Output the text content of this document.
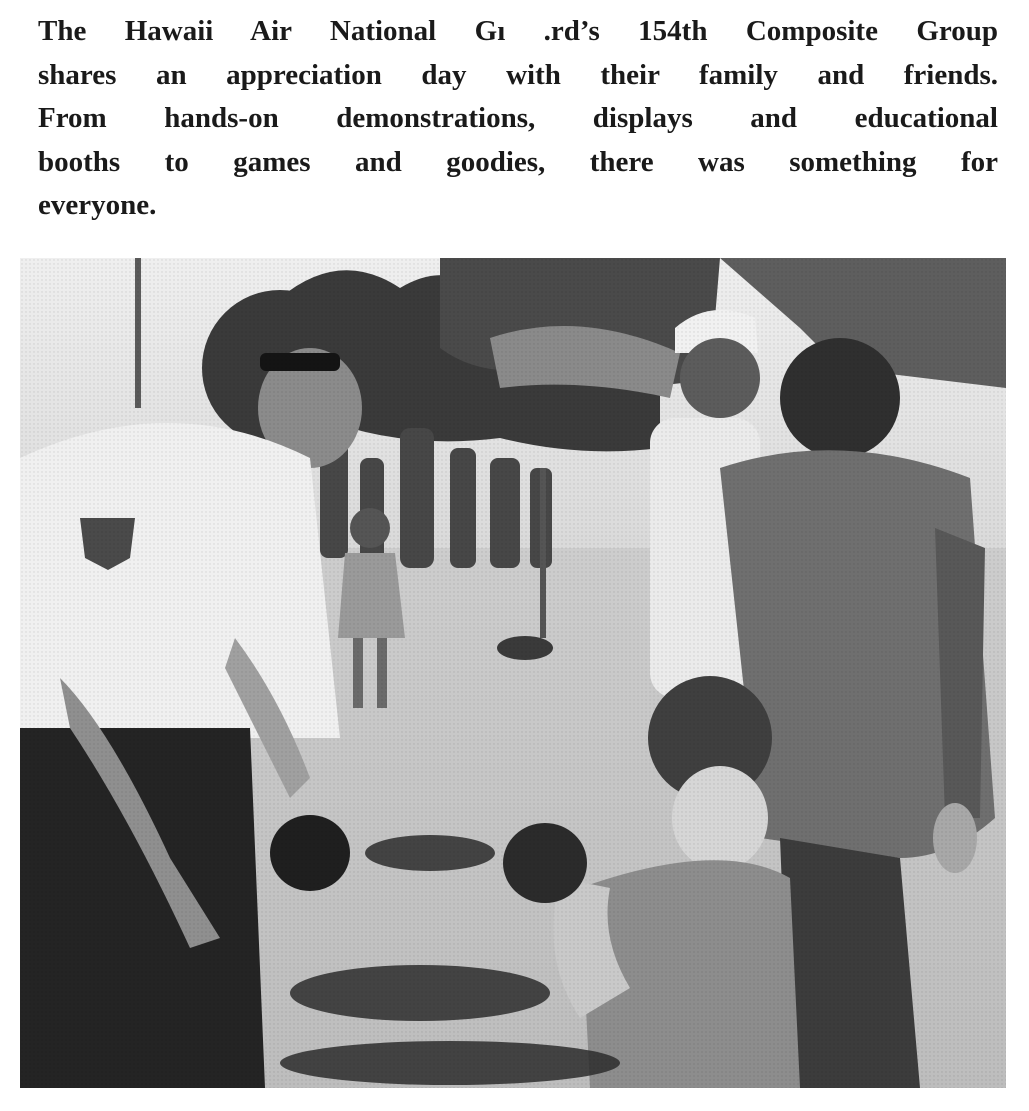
The Hawaii Air National Gı .rd’s 154th Composite Group
shares an appreciation day with their family and friends.
From hands-on demonstrations, displays and educational
booths to games and goodies, there was something for
everyone.
